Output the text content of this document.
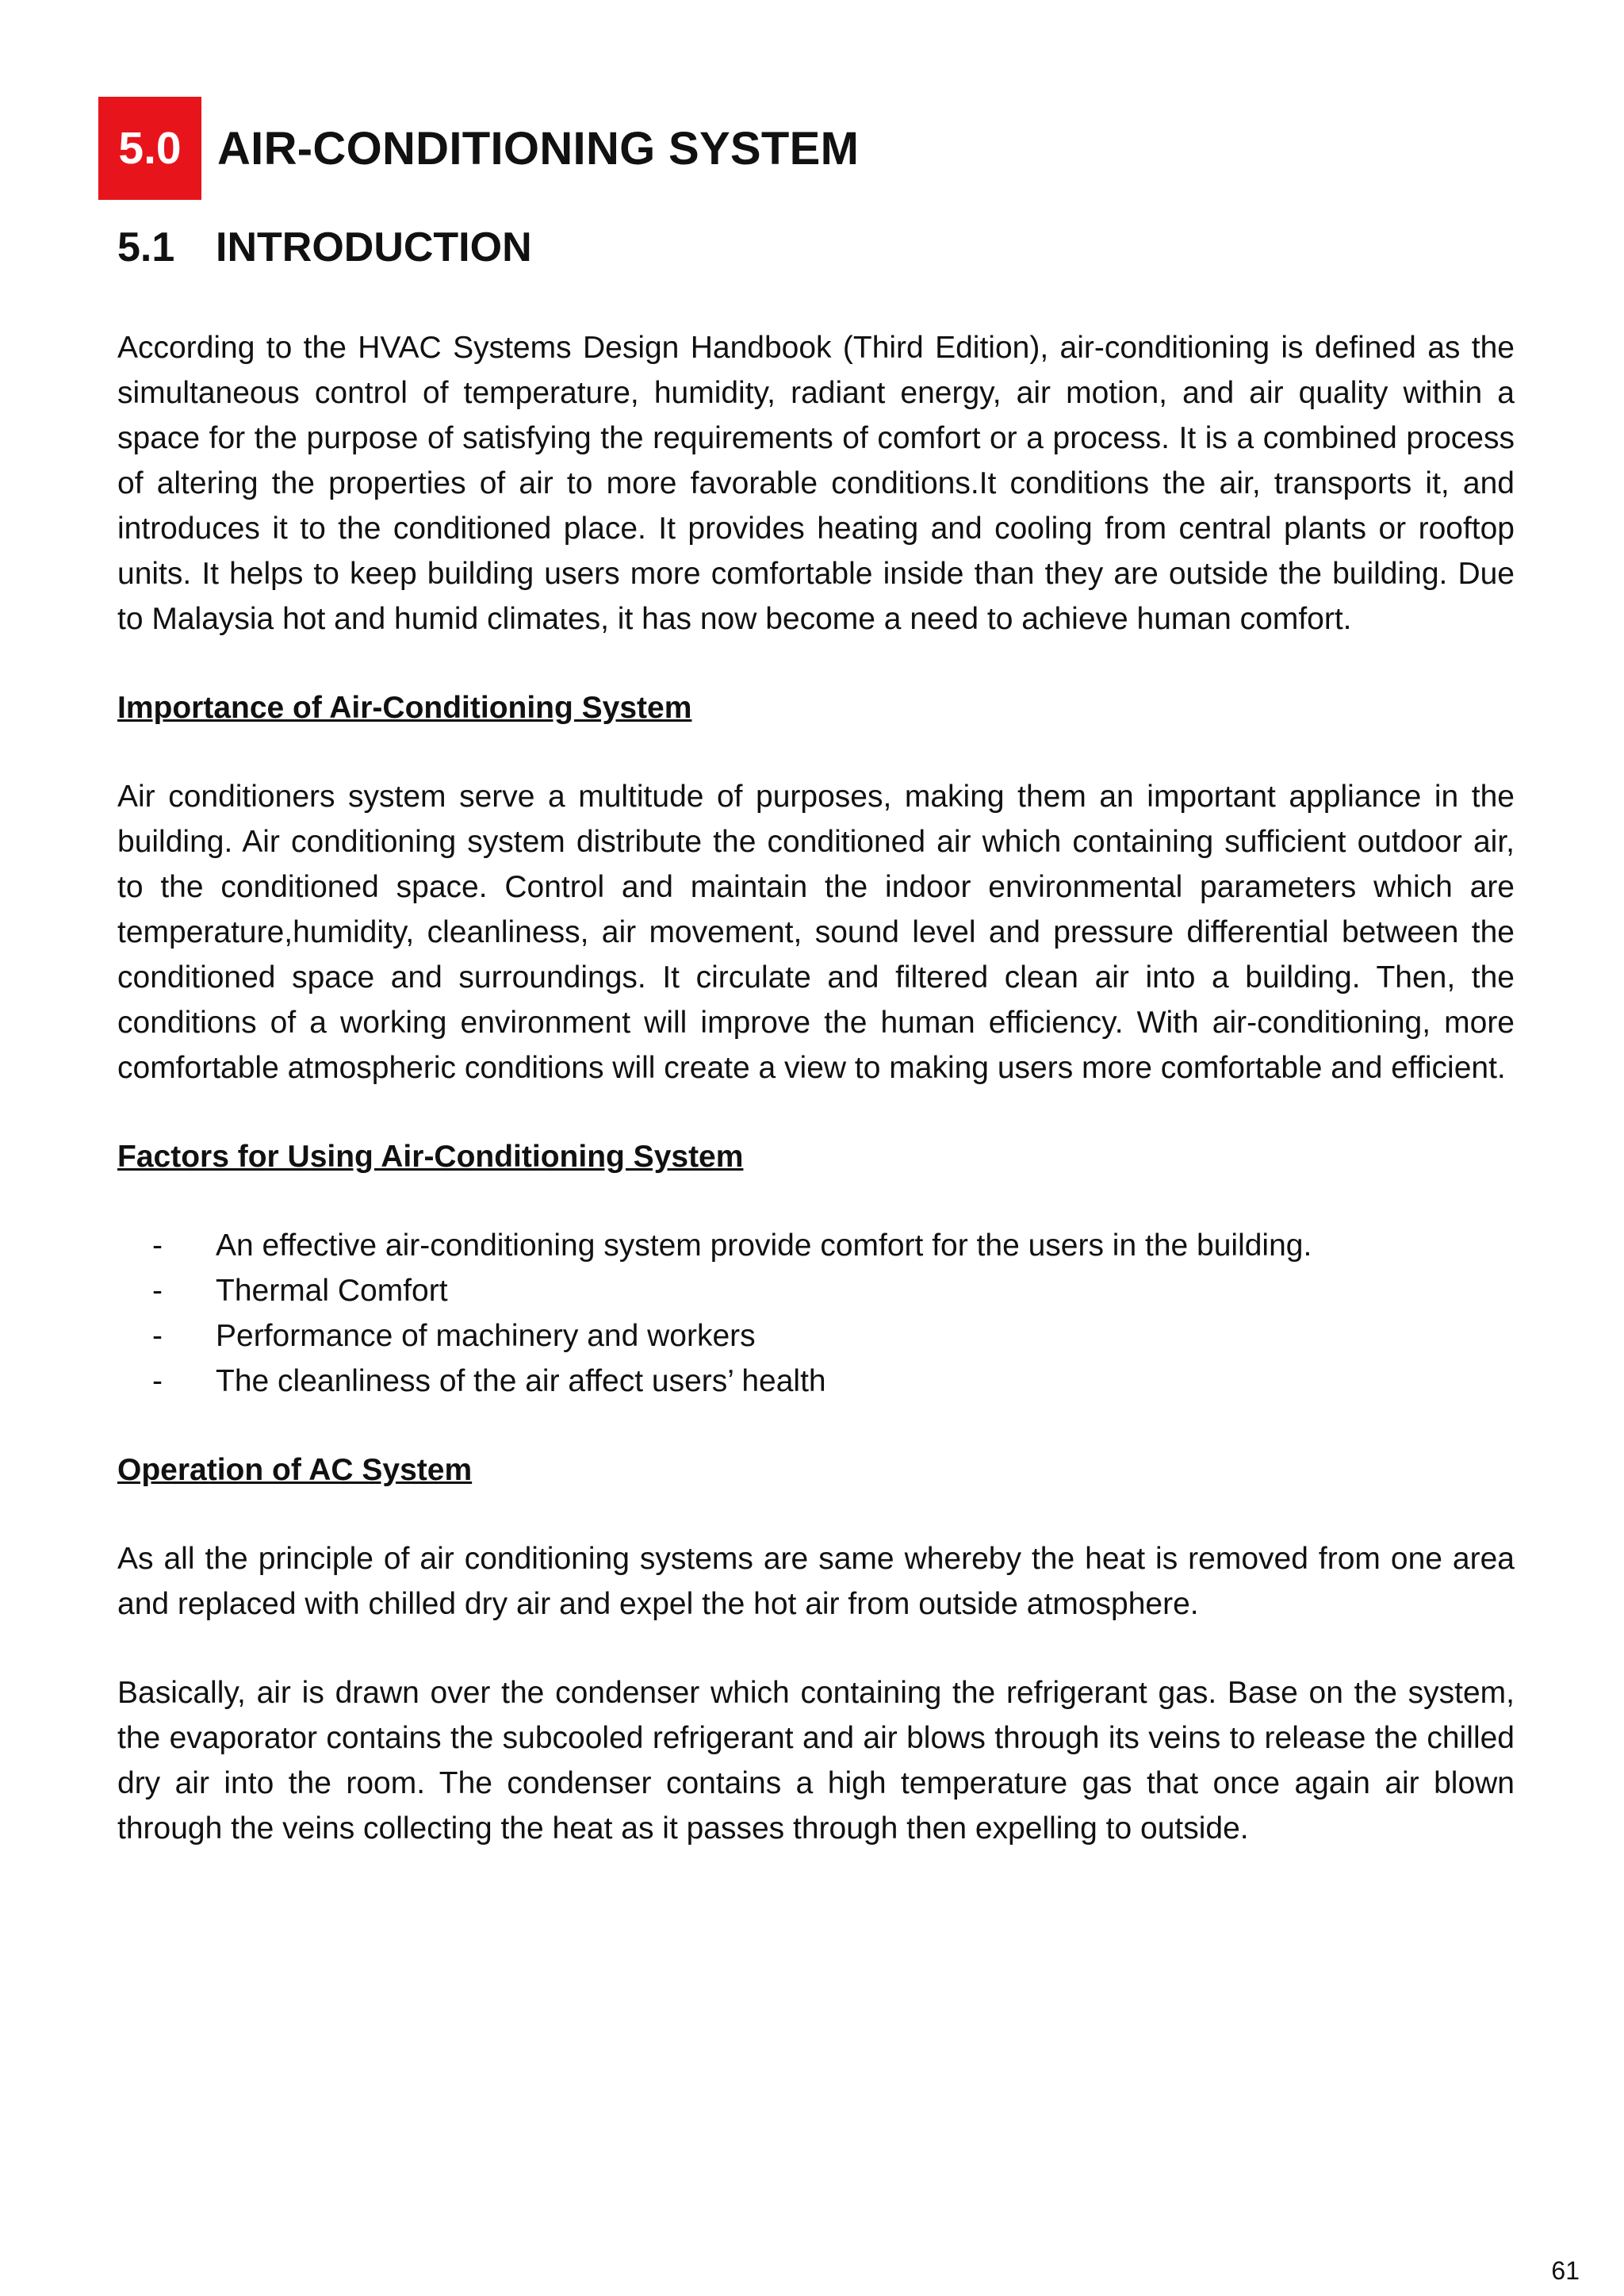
5.0 AIR-CONDITIONING SYSTEM
5.1 INTRODUCTION

According to the HVAC Systems Design Handbook (Third Edition), air-conditioning is defined as the simultaneous control of temperature, humidity, radiant energy, air motion, and air quality within a space for the purpose of satisfying the requirements of comfort or a process. It is a combined process of altering the properties of air to more favorable conditions.It conditions the air, transports it, and introduces it to the conditioned place. It provides heating and cooling from central plants or rooftop units. It helps to keep building users more comfortable inside than they are outside the building. Due to Malaysia hot and humid climates, it has now become a need to achieve human comfort.

Importance of Air-Conditioning System

Air conditioners system serve a multitude of purposes, making them an important appliance in the building. Air conditioning system distribute the conditioned air which containing sufficient outdoor air, to the conditioned space. Control and maintain the indoor environmental parameters which are temperature,humidity, cleanliness, air movement, sound level and pressure differential between the conditioned space and surroundings. It circulate and filtered clean air into a building. Then, the conditions of a working environment will improve the human efficiency. With air-conditioning, more comfortable atmospheric conditions will create a view to making users more comfortable and efficient.

Factors for Using Air-Conditioning System

-	An effective air-conditioning system provide comfort for the users in the building.
-	Thermal Comfort
-	Performance of machinery and workers
-	The cleanliness of the air affect users’ health

Operation of AC System

As all the principle of air conditioning systems are same whereby the heat is removed from one area and replaced with chilled dry air and expel the hot air from outside atmosphere.

Basically, air is drawn over the condenser which containing the refrigerant gas. Base on the system, the evaporator contains the subcooled refrigerant and air blows through its veins to release the chilled dry air into the room. The condenser contains a high temperature gas that once again air blown through the veins collecting the heat as it passes through then expelling to outside.

61
